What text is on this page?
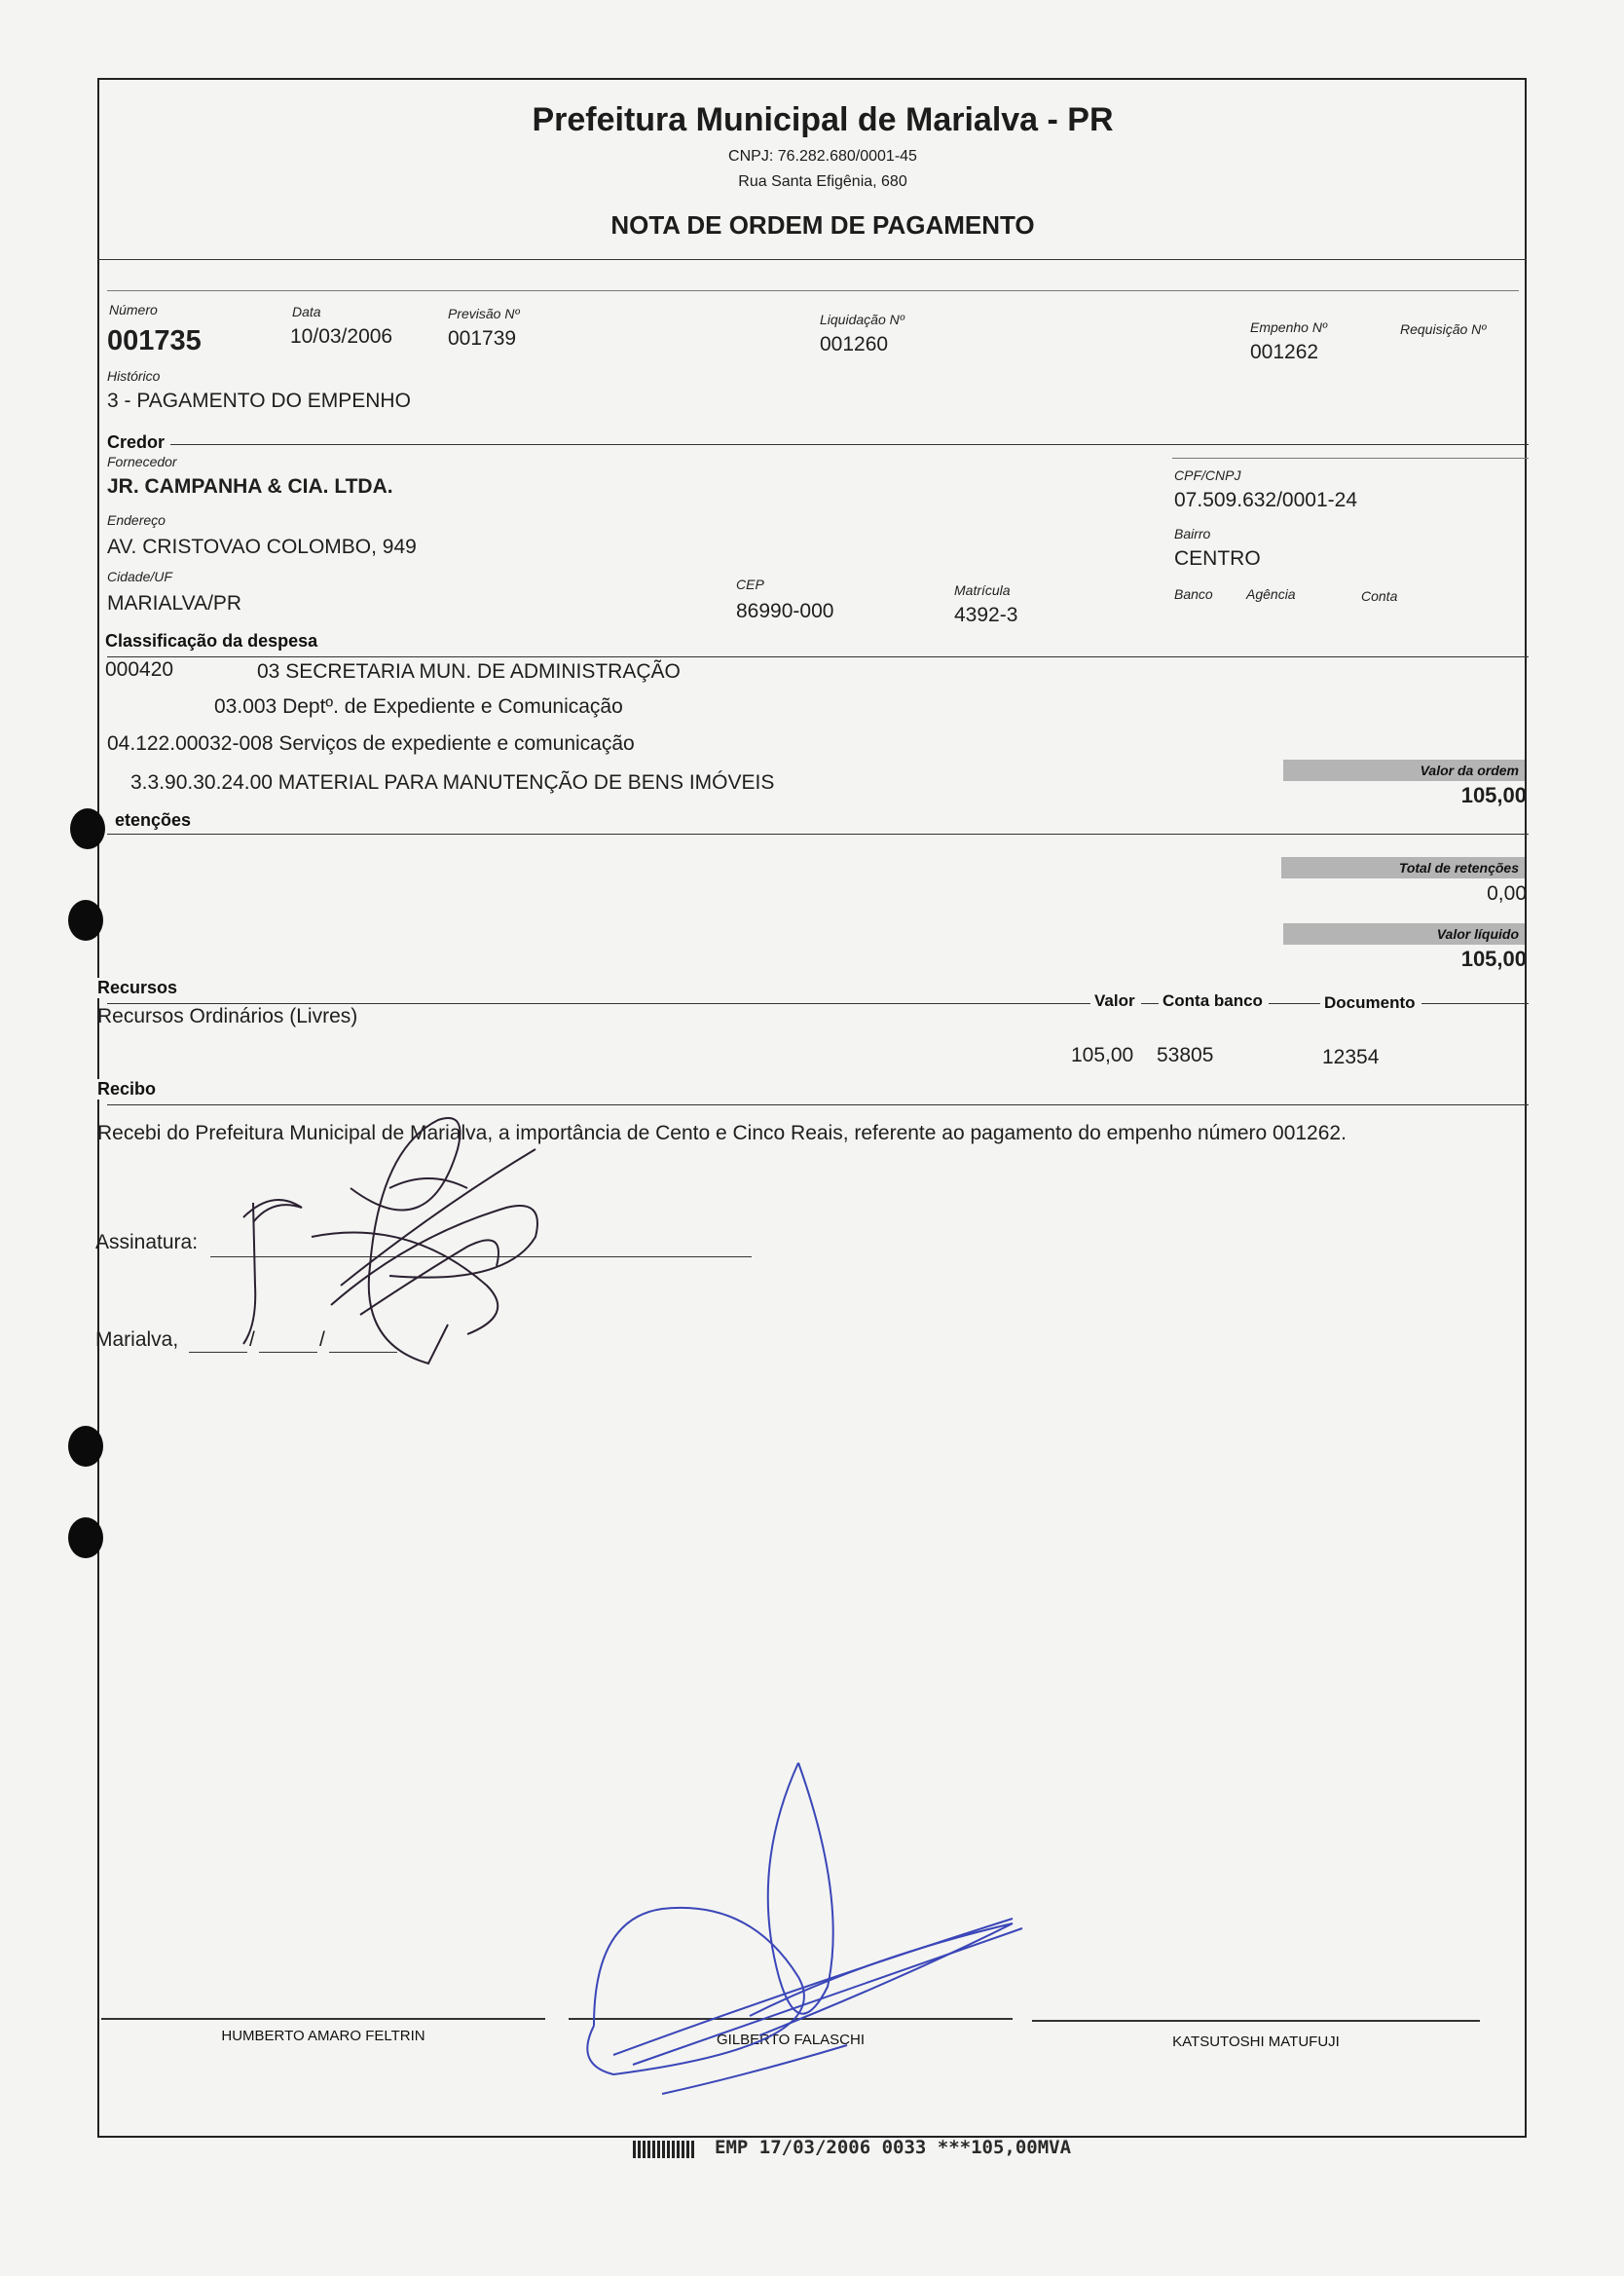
Prefeitura Municipal de Marialva - PR
CNPJ: 76.282.680/0001-45
Rua Santa Efigênia, 680
NOTA DE ORDEM DE PAGAMENTO
Número
001735
Data
10/03/2006
Previsão Nº
001739
Liquidação Nº
001260
Empenho Nº
001262
Requisição Nº
Histórico
3 - PAGAMENTO DO EMPENHO
Credor
Fornecedor
JR. CAMPANHA & CIA. LTDA.	CPF/CNPJ
07.509.632/0001-24
Endereço
AV. CRISTOVAO COLOMBO, 949
Bairro
CENTRO
Cidade/UF
MARIALVA/PR
CEP
86990-000
Matrícula
4392-3
Banco Agência	Conta
Classificação da despesa
000420	03 SECRETARIA MUN. DE ADMINISTRAÇÃO
03.003 Deptº. de Expediente e Comunicação
04.122.00032-008 Serviços de expediente e comunicação
3.3.90.30.24.00 MATERIAL PARA MANUTENÇÃO DE BENS IMÓVEIS
Valor da ordem
105,00
etenções
Total de retenções
0,00
Valor líquido
105,00
Recursos
Valor	Conta banco	Documento
Recursos Ordinários (Livres)
105,00 53805	12354
Recibo
Recebi do Prefeitura Municipal de Marialva, a importância de Cento e Cinco Reais, referente ao pagamento do empenho número 001262.
Assinatura:
Marialva,	/	/
HUMBERTO AMARO FELTRIN	GILBERTO FALASCHI	KATSUTOSHI MATUFUJI
EMP 17/03/2006 0033 ***105,00MVA
